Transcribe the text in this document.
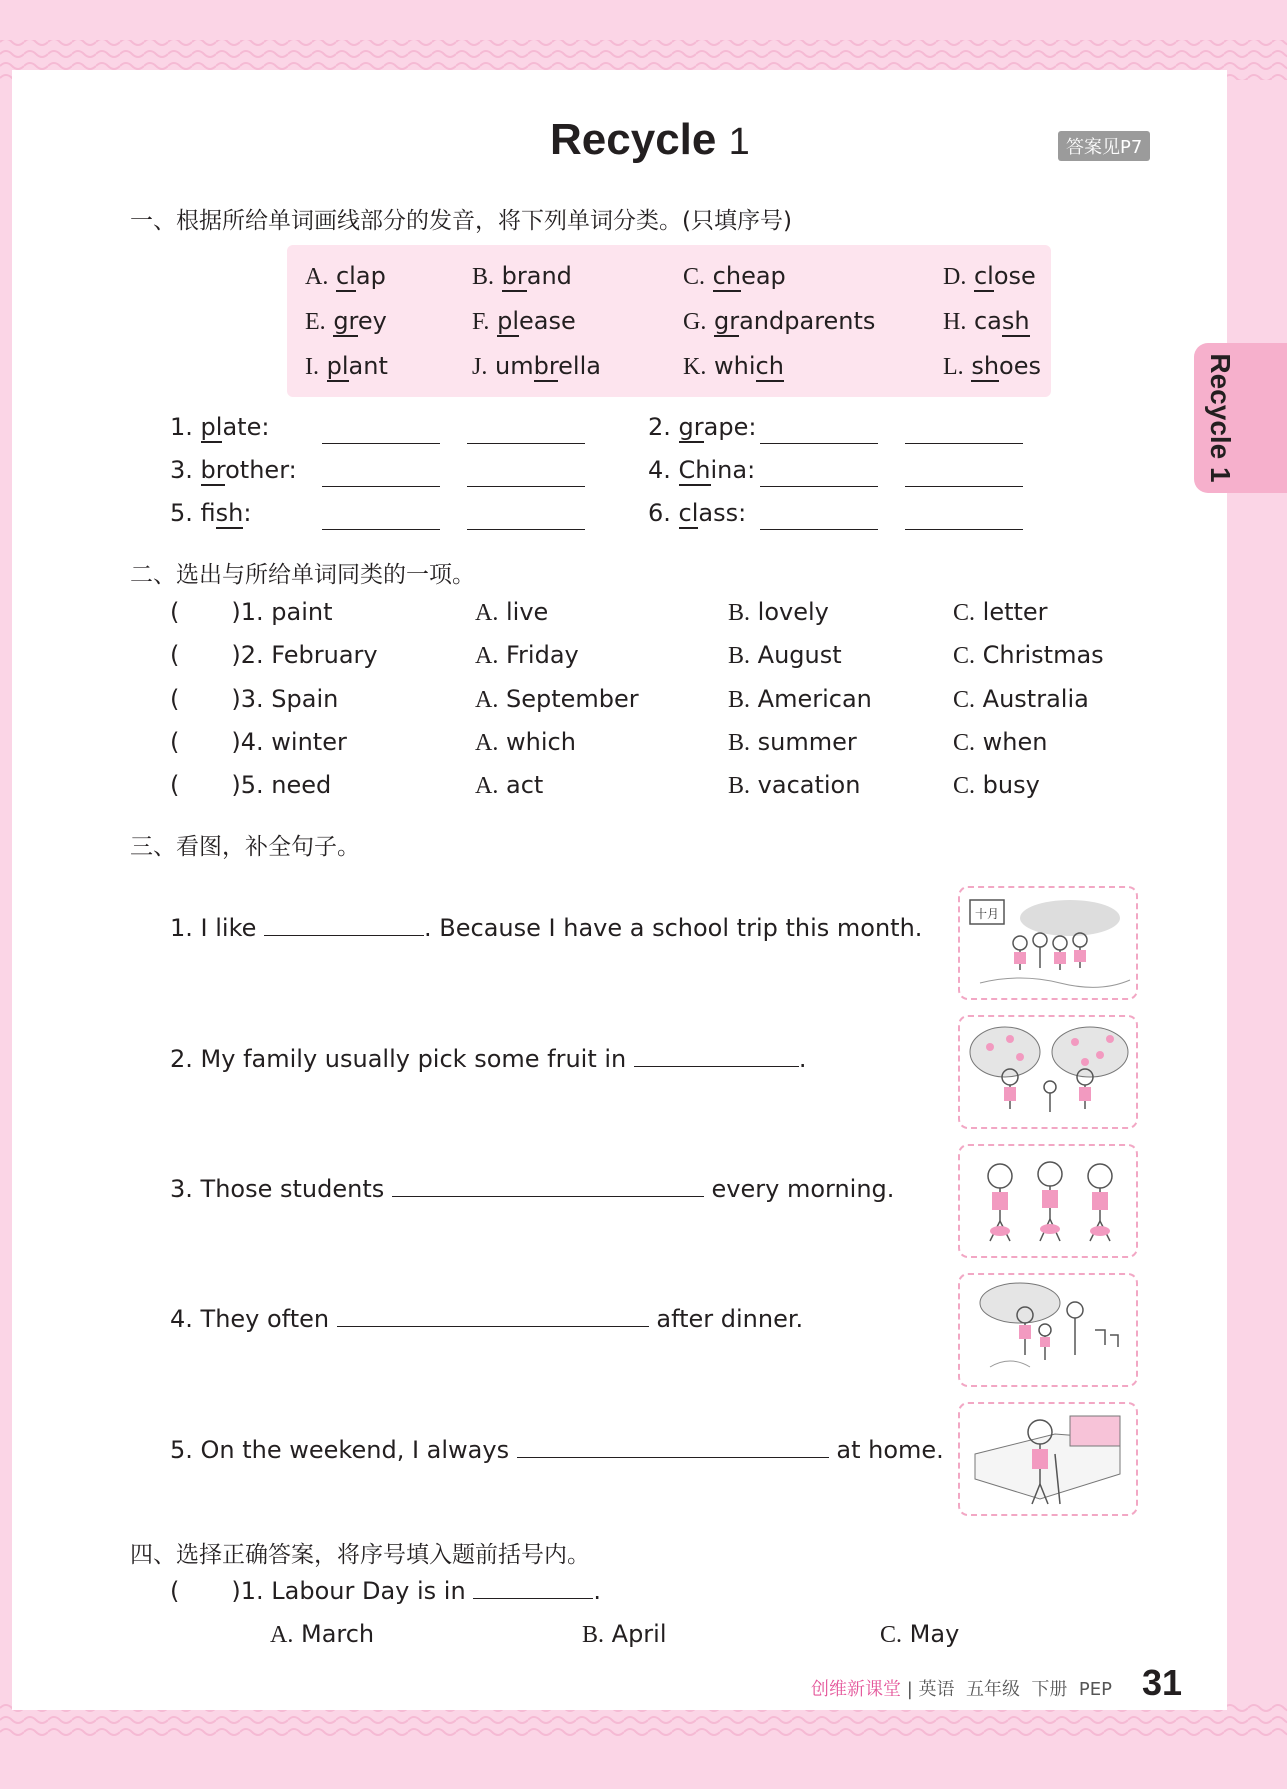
Recycle 1	答案见P7
Recycle 1
一、根据所给单词画线部分的发音，将下列单词分类。(只填序号)
A. clap	B. brand	C. cheap	D. close
E. grey	F. please	G. grandparents	H. cash
I. plant	J. umbrella	K. which	L. shoes
1. plate:	2. grape:
3. brother:	4. China:
5. fish:	6. class:
二、选出与所给单词同类的一项。
( )1. paint	A. live	B. lovely	C. letter
( )2. February	A. Friday	B. August	C. Christmas
( )3. Spain	A. September	B. American	C. Australia
( )4. winter	A. which	B. summer	C. when
( )5. need	A. act	B. vacation	C. busy
三、看图，补全句子。
1. I like	. Because I have a school trip this month.
2. My family usually pick some fruit in	.
3. Those students	every morning.
4. They often	after dinner.
5. On the weekend, I always	at home.
十月
四、选择正确答案，将序号填入题前括号内。
( )1. Labour Day is in	.
A. March	B. April	C. May
创维新课堂 | 英语  五年级  下册  PEP 31
